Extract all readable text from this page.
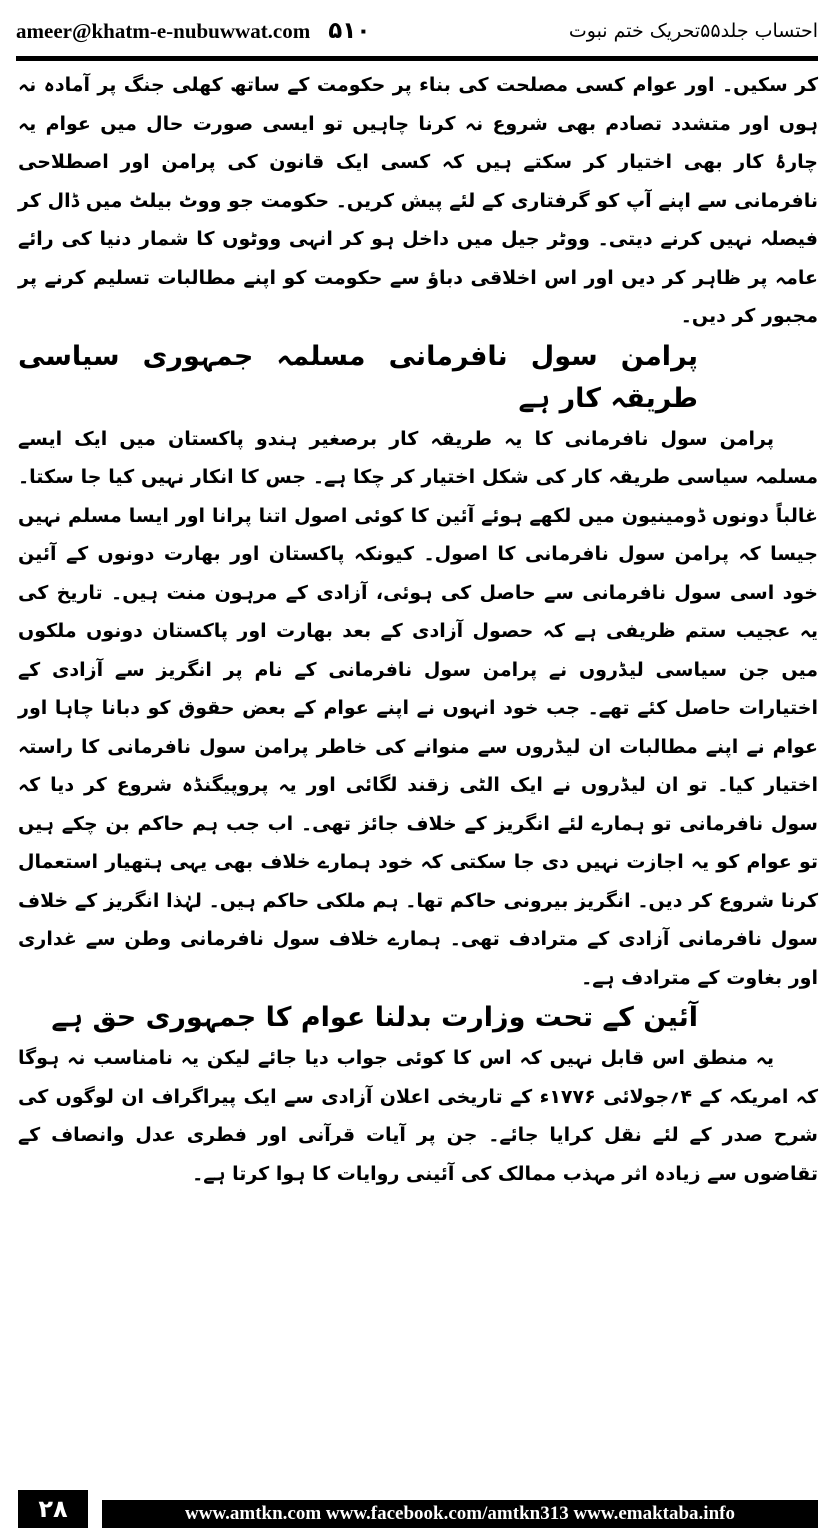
ameer@khatm-e-nubuwwat.com ۵۱۰	احتساب جلد۵۵تحریک ختم نبوت

کر سکیں۔ اور عوام کسی مصلحت کی بناء پر حکومت کے ساتھ کھلی جنگ پر آمادہ نہ ہوں اور متشدد تصادم بھی شروع نہ کرنا چاہیں تو ایسی صورت حال میں عوام یہ چارۂ کار بھی اختیار کر سکتے ہیں کہ کسی ایک قانون کی پرامن اور اصطلاحی نافرمانی سے اپنے آپ کو گرفتاری کے لئے پیش کریں۔ حکومت جو ووٹ بیلٹ میں ڈال کر فیصلہ نہیں کرنے دیتی۔ ووٹر جیل میں داخل ہو کر انہی ووٹوں کا شمار دنیا کی رائے عامہ پر ظاہر کر دیں اور اس اخلاقی دباؤ سے حکومت کو اپنے مطالبات تسلیم کرنے پر مجبور کر دیں۔

پرامن سول نافرمانی مسلمہ جمہوری سیاسی طریقہ کار ہے

پرامن سول نافرمانی کا یہ طریقہ کار برصغیر ہندو پاکستان میں ایک ایسے مسلمہ سیاسی طریقہ کار کی شکل اختیار کر چکا ہے۔ جس کا انکار نہیں کیا جا سکتا۔ غالباً دونوں ڈومینیون میں لکھے ہوئے آئین کا کوئی اصول اتنا پرانا اور ایسا مسلم نہیں جیسا کہ پرامن سول نافرمانی کا اصول۔ کیونکہ پاکستان اور بھارت دونوں کے آئین خود اسی سول نافرمانی سے حاصل کی ہوئی، آزادی کے مرہون منت ہیں۔ تاریخ کی یہ عجیب ستم ظریفی ہے کہ حصول آزادی کے بعد بھارت اور پاکستان دونوں ملکوں میں جن سیاسی لیڈروں نے پرامن سول نافرمانی کے نام پر انگریز سے آزادی کے اختیارات حاصل کئے تھے۔ جب خود انہوں نے اپنے عوام کے بعض حقوق کو دبانا چاہا اور عوام نے اپنے مطالبات ان لیڈروں سے منوانے کی خاطر پرامن سول نافرمانی کا راستہ اختیار کیا۔ تو ان لیڈروں نے ایک الٹی زقند لگائی اور یہ پروپیگنڈہ شروع کر دیا کہ سول نافرمانی تو ہمارے لئے انگریز کے خلاف جائز تھی۔ اب جب ہم حاکم بن چکے ہیں تو عوام کو یہ اجازت نہیں دی جا سکتی کہ خود ہمارے خلاف بھی یہی ہتھیار استعمال کرنا شروع کر دیں۔ انگریز بیرونی حاکم تھا۔ ہم ملکی حاکم ہیں۔ لہٰذا انگریز کے خلاف سول نافرمانی آزادی کے مترادف تھی۔ ہمارے خلاف سول نافرمانی وطن سے غداری اور بغاوت کے مترادف ہے۔

آئین کے تحت وزارت بدلنا عوام کا جمہوری حق ہے

یہ منطق اس قابل نہیں کہ اس کا کوئی جواب دیا جائے لیکن یہ نامناسب نہ ہوگا کہ امریکہ کے ۴؍جولائی ۱۷۷۶ء کے تاریخی اعلان آزادی سے ایک پیراگراف ان لوگوں کی شرح صدر کے لئے نقل کرایا جائے۔ جن پر آیات قرآنی اور فطری عدل وانصاف کے تقاضوں سے زیادہ اثر مہذب ممالک کی آئینی روایات کا ہوا کرتا ہے۔

۲۸	www.amtkn.com www.facebook.com/amtkn313 www.emaktaba.info
